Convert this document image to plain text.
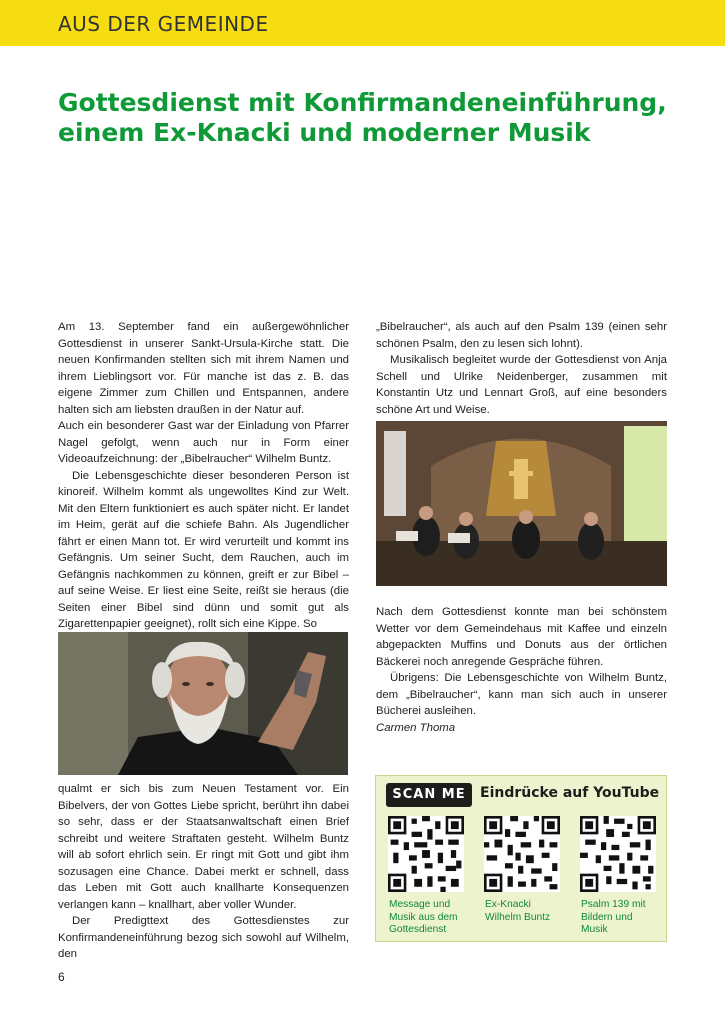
AUS DER GEMEINDE
Gottesdienst mit Konfirmandeneinführung,
einem Ex-Knacki und moderner Musik

Am 13. September fand ein außergewöhnlicher Gottesdienst in unserer Sankt-Ursula-Kirche statt. Die neuen Konfirmanden stellten sich mit ihrem Namen und ihrem Lieblingsort vor. Für manche ist das z. B. das eigene Zimmer zum Chillen und Entspannen, andere halten sich am liebsten draußen in der Natur auf.

Auch ein besonderer Gast war der Einladung von Pfarrer Nagel gefolgt, wenn auch nur in Form einer Videoaufzeichnung: der „Bibelraucher“ Wilhelm Buntz.

Die Lebensgeschichte dieser besonderen Person ist kinoreif. Wilhelm kommt als ungewolltes Kind zur Welt. Mit den Eltern funktioniert es auch später nicht. Er landet im Heim, gerät auf die schiefe Bahn. Als Jugendlicher fährt er einen Mann tot. Er wird verurteilt und kommt ins Gefängnis. Um seiner Sucht, dem Rauchen, auch im Gefängnis nachkommen zu können, greift er zur Bibel – auf seine Weise. Er liest eine Seite, reißt sie heraus (die Seiten einer Bibel sind dünn und somit gut als Zigarettenpapier geeignet), rollt sich eine Kippe. So

qualmt er sich bis zum Neuen Testament vor. Ein Bibelvers, der von Gottes Liebe spricht, berührt ihn dabei so sehr, dass er der Staatsanwaltschaft einen Brief schreibt und weitere Straftaten gesteht. Wilhelm Buntz will ab sofort ehrlich sein. Er ringt mit Gott und gibt ihm sozusagen eine Chance. Dabei merkt er schnell, dass das Leben mit Gott auch knallharte Konsequenzen verlangen kann – knallhart, aber voller Wunder.

Der Predigttext des Gottesdienstes zur Konfirmandeneinführung bezog sich sowohl auf Wilhelm, den

„Bibelraucher“, als auch auf den Psalm 139 (einen sehr schönen Psalm, den zu lesen sich lohnt).

Musikalisch begleitet wurde der Gottesdienst von Anja Schell und Ulrike Neidenberger, zusammen mit Konstantin Utz und Lennart Groß, auf eine besonders schöne Art und Weise.

Nach dem Gottesdienst konnte man bei schönstem Wetter vor dem Gemeindehaus mit Kaffee und einzeln abgepackten Muffins und Donuts aus der örtlichen Bäckerei noch anregende Gespräche führen.

Übrigens: Die Lebensgeschichte von Wilhelm Buntz, dem „Bibelraucher“, kann man sich auch in unserer Bücherei ausleihen.

Carmen Thoma

SCAN ME	Eindrücke auf YouTube
Message und Musik aus dem Gottesdienst
Ex-Knacki Wilhelm Buntz
Psalm 139 mit Bildern und Musik
6
